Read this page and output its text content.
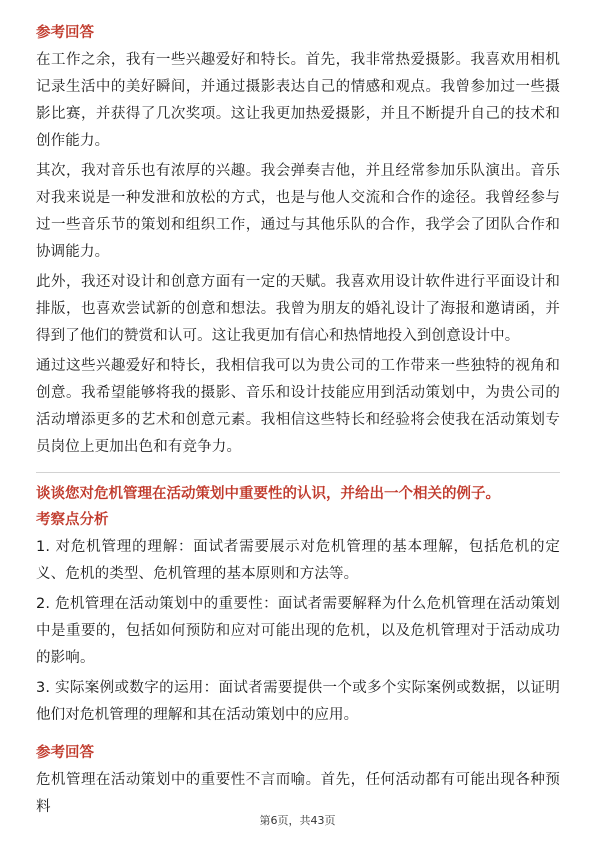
参考回答

在工作之余，我有一些兴趣爱好和特长。首先，我非常热爱摄影。我喜欢用相机记录生活中的美好瞬间，并通过摄影表达自己的情感和观点。我曾参加过一些摄影比赛，并获得了几次奖项。这让我更加热爱摄影，并且不断提升自己的技术和创作能力。

其次，我对音乐也有浓厚的兴趣。我会弹奏吉他，并且经常参加乐队演出。音乐对我来说是一种发泄和放松的方式，也是与他人交流和合作的途径。我曾经参与过一些音乐节的策划和组织工作，通过与其他乐队的合作，我学会了团队合作和协调能力。

此外，我还对设计和创意方面有一定的天赋。我喜欢用设计软件进行平面设计和排版，也喜欢尝试新的创意和想法。我曾为朋友的婚礼设计了海报和邀请函，并得到了他们的赞赏和认可。这让我更加有信心和热情地投入到创意设计中。

通过这些兴趣爱好和特长，我相信我可以为贵公司的工作带来一些独特的视角和创意。我希望能够将我的摄影、音乐和设计技能应用到活动策划中，为贵公司的活动增添更多的艺术和创意元素。我相信这些特长和经验将会使我在活动策划专员岗位上更加出色和有竞争力。

谈谈您对危机管理在活动策划中重要性的认识，并给出一个相关的例子。
考察点分析

1. 对危机管理的理解：面试者需要展示对危机管理的基本理解，包括危机的定义、危机的类型、危机管理的基本原则和方法等。

2. 危机管理在活动策划中的重要性：面试者需要解释为什么危机管理在活动策划中是重要的，包括如何预防和应对可能出现的危机，以及危机管理对于活动成功的影响。

3. 实际案例或数字的运用：面试者需要提供一个或多个实际案例或数据，以证明他们对危机管理的理解和其在活动策划中的应用。

参考回答

危机管理在活动策划中的重要性不言而喻。首先，任何活动都有可能出现各种预料

第6页，共43页
